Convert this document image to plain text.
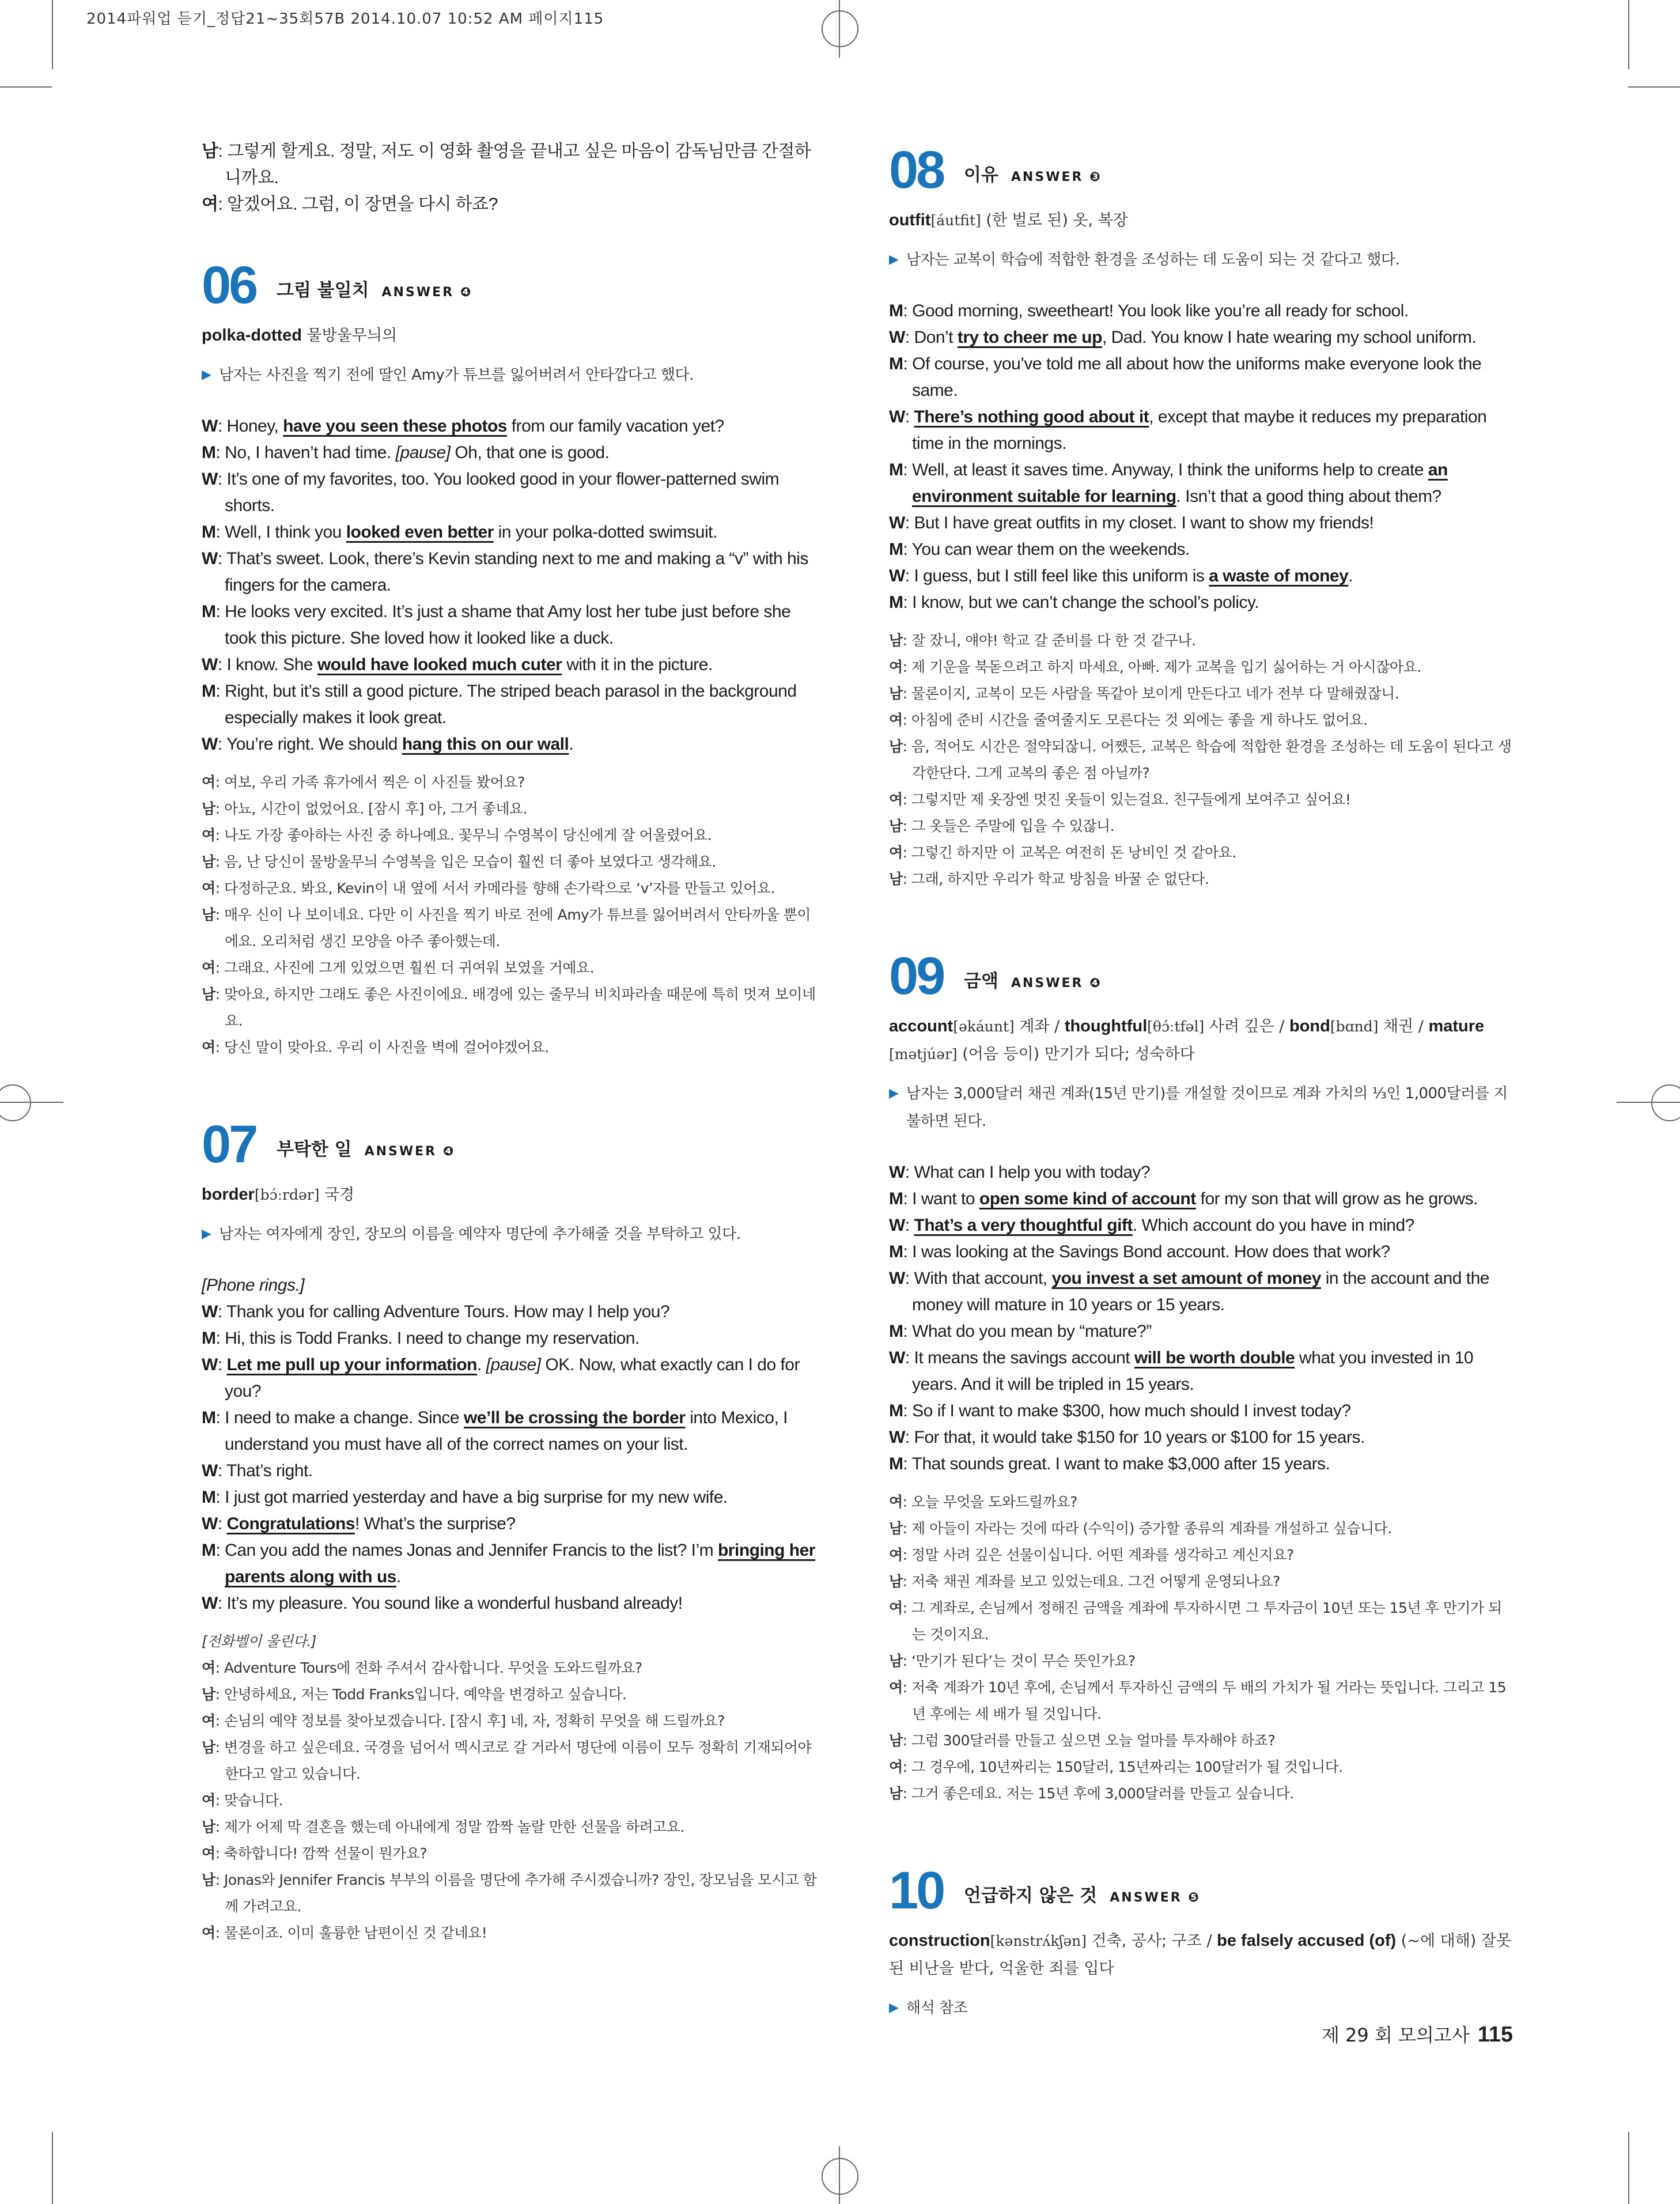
2014파워업 듣기_정답21~35회57B 2014.10.07 10:52 AM 페이지115

남: 그렇게 할게요. 정말, 저도 이 영화 촬영을 끝내고 싶은 마음이 감독님만큼 간절하니까요.

여: 알겠어요. 그럼, 이 장면을 다시 하죠?

06 그림 불일치 ANSWER ❹

polka-dotted 물방울무늬의

▶ 남자는 사진을 찍기 전에 딸인 Amy가 튜브를 잃어버려서 안타깝다고 했다.

W: Honey, have you seen these photos from our family vacation yet?

M: No, I haven’t had time. [pause] Oh, that one is good.

W: It’s one of my favorites, too. You looked good in your flower-patterned swim shorts.

M: Well, I think you looked even better in your polka-dotted swimsuit.

W: That’s sweet. Look, there’s Kevin standing next to me and making a “v” with his fingers for the camera.

M: He looks very excited. It’s just a shame that Amy lost her tube just before she took this picture. She loved how it looked like a duck.

W: I know. She would have looked much cuter with it in the picture.

M: Right, but it’s still a good picture. The striped beach parasol in the background especially makes it look great.

W: You’re right. We should hang this on our wall.

여: 여보, 우리 가족 휴가에서 찍은 이 사진들 봤어요?

남: 아뇨, 시간이 없었어요. [잠시 후] 아, 그거 좋네요.

여: 나도 가장 좋아하는 사진 중 하나예요. 꽃무늬 수영복이 당신에게 잘 어울렸어요.

남: 음, 난 당신이 물방울무늬 수영복을 입은 모습이 훨씬 더 좋아 보였다고 생각해요.

여: 다정하군요. 봐요, Kevin이 내 옆에 서서 카메라를 향해 손가락으로 ‘v’자를 만들고 있어요.

남: 매우 신이 나 보이네요. 다만 이 사진을 찍기 바로 전에 Amy가 튜브를 잃어버려서 안타까울 뿐이에요. 오리처럼 생긴 모양을 아주 좋아했는데.

여: 그래요. 사진에 그게 있었으면 훨씬 더 귀여워 보였을 거예요.

남: 맞아요, 하지만 그래도 좋은 사진이에요. 배경에 있는 줄무늬 비치파라솔 때문에 특히 멋져 보이네요.

여: 당신 말이 맞아요. 우리 이 사진을 벽에 걸어야겠어요.

07 부탁한 일 ANSWER ❹

border[bɔ́ːrdər] 국경

▶ 남자는 여자에게 장인, 장모의 이름을 예약자 명단에 추가해줄 것을 부탁하고 있다.

[Phone rings.]

W: Thank you for calling Adventure Tours. How may I help you?

M: Hi, this is Todd Franks. I need to change my reservation.

W: Let me pull up your information. [pause] OK. Now, what exactly can I do for you?

M: I need to make a change. Since we’ll be crossing the border into Mexico, I understand you must have all of the correct names on your list.

W: That’s right.

M: I just got married yesterday and have a big surprise for my new wife.

W: Congratulations! What’s the surprise?

M: Can you add the names Jonas and Jennifer Francis to the list? I’m bringing her parents along with us.

W: It’s my pleasure. You sound like a wonderful husband already!

[전화벨이 울린다.]

여: Adventure Tours에 전화 주셔서 감사합니다. 무엇을 도와드릴까요?

남: 안녕하세요, 저는 Todd Franks입니다. 예약을 변경하고 싶습니다.

여: 손님의 예약 정보를 찾아보겠습니다. [잠시 후] 네, 자, 정확히 무엇을 해 드릴까요?

남: 변경을 하고 싶은데요. 국경을 넘어서 멕시코로 갈 거라서 명단에 이름이 모두 정확히 기재되어야 한다고 알고 있습니다.

여: 맞습니다.

남: 제가 어제 막 결혼을 했는데 아내에게 정말 깜짝 놀랄 만한 선물을 하려고요.

여: 축하합니다! 깜짝 선물이 뭔가요?

남: Jonas와 Jennifer Francis 부부의 이름을 명단에 추가해 주시겠습니까? 장인, 장모님을 모시고 함께 가려고요.

여: 물론이죠. 이미 훌륭한 남편이신 것 같네요!

08 이유 ANSWER ❸

outfit[áutfit] (한 벌로 된) 옷, 복장

▶ 남자는 교복이 학습에 적합한 환경을 조성하는 데 도움이 되는 것 같다고 했다.

M: Good morning, sweetheart! You look like you’re all ready for school.

W: Don’t try to cheer me up, Dad. You know I hate wearing my school uniform.

M: Of course, you’ve told me all about how the uniforms make everyone look the same.

W: There’s nothing good about it, except that maybe it reduces my preparation time in the mornings.

M: Well, at least it saves time. Anyway, I think the uniforms help to create an environment suitable for learning. Isn’t that a good thing about them?

W: But I have great outfits in my closet. I want to show my friends!

M: You can wear them on the weekends.

W: I guess, but I still feel like this uniform is a waste of money.

M: I know, but we can’t change the school’s policy.

남: 잘 잤니, 얘야! 학교 갈 준비를 다 한 것 같구나.

여: 제 기운을 북돋으려고 하지 마세요, 아빠. 제가 교복을 입기 싫어하는 거 아시잖아요.

남: 물론이지, 교복이 모든 사람을 똑같아 보이게 만든다고 네가 전부 다 말해줬잖니.

여: 아침에 준비 시간을 줄여줄지도 모른다는 것 외에는 좋을 게 하나도 없어요.

남: 음, 적어도 시간은 절약되잖니. 어쨌든, 교복은 학습에 적합한 환경을 조성하는 데 도움이 된다고 생각한단다. 그게 교복의 좋은 점 아닐까?

여: 그렇지만 제 옷장엔 멋진 옷들이 있는걸요. 친구들에게 보여주고 싶어요!

남: 그 옷들은 주말에 입을 수 있잖니.

여: 그렇긴 하지만 이 교복은 여전히 돈 낭비인 것 같아요.

남: 그래, 하지만 우리가 학교 방침을 바꿀 순 없단다.

09 금액 ANSWER ❹

account[əkáunt] 계좌 / thoughtful[θɔ́ːtfəl] 사려 깊은 / bond[bɑnd] 채권 / mature [mətjúər] (어음 등이) 만기가 되다; 성숙하다

▶ 남자는 3,000달러 채권 계좌(15년 만기)를 개설할 것이므로 계좌 가치의 ⅓인 1,000달러를 지불하면 된다.

W: What can I help you with today?

M: I want to open some kind of account for my son that will grow as he grows.

W: That’s a very thoughtful gift. Which account do you have in mind?

M: I was looking at the Savings Bond account. How does that work?

W: With that account, you invest a set amount of money in the account and the money will mature in 10 years or 15 years.

M: What do you mean by “mature?”

W: It means the savings account will be worth double what you invested in 10 years. And it will be tripled in 15 years.

M: So if I want to make $300, how much should I invest today?

W: For that, it would take $150 for 10 years or $100 for 15 years.

M: That sounds great. I want to make $3,000 after 15 years.

여: 오늘 무엇을 도와드릴까요?

남: 제 아들이 자라는 것에 따라 (수익이) 증가할 종류의 계좌를 개설하고 싶습니다.

여: 정말 사려 깊은 선물이십니다. 어떤 계좌를 생각하고 계신지요?

남: 저축 채권 계좌를 보고 있었는데요. 그건 어떻게 운영되나요?

여: 그 계좌로, 손님께서 정해진 금액을 계좌에 투자하시면 그 투자금이 10년 또는 15년 후 만기가 되는 것이지요.

남: ‘만기가 된다’는 것이 무슨 뜻인가요?

여: 저축 계좌가 10년 후에, 손님께서 투자하신 금액의 두 배의 가치가 될 거라는 뜻입니다. 그리고 15년 후에는 세 배가 될 것입니다.

남: 그럼 300달러를 만들고 싶으면 오늘 얼마를 투자해야 하죠?

여: 그 경우에, 10년짜리는 150달러, 15년짜리는 100달러가 될 것입니다.

남: 그거 좋은데요. 저는 15년 후에 3,000달러를 만들고 싶습니다.

10 언급하지 않은 것 ANSWER ❺

construction[kənstrʌ́kʃən] 건축, 공사; 구조 / be falsely accused (of) (~에 대해) 잘못된 비난을 받다, 억울한 죄를 입다

▶ 해석 참조
제 29 회 모의고사 115
